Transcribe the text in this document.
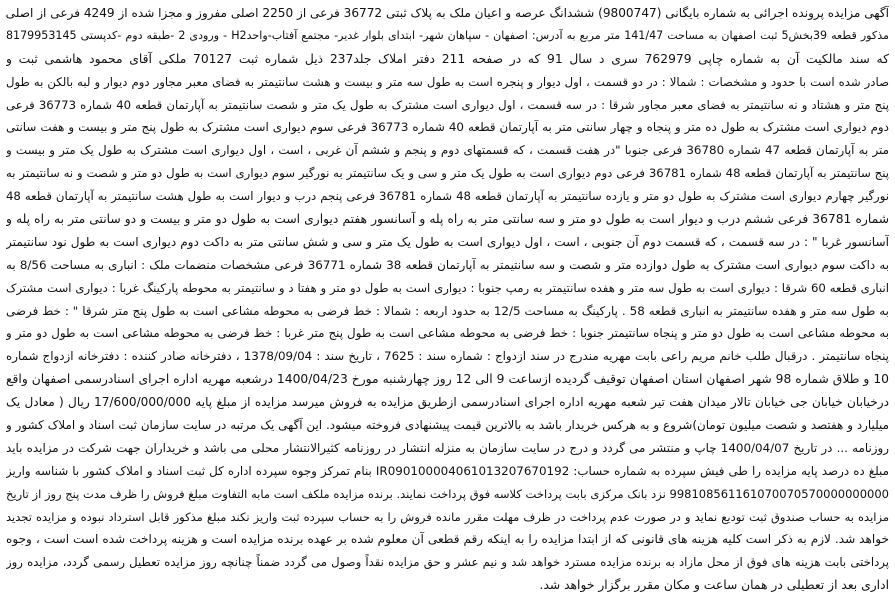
آگهی مزایده پرونده اجرائی به شماره بایگانی (9800747) ششدانگ عرصه و اعیان ملک به پلاک ثبتی 36772 فرعی از 2250 اصلی مفروز و مجزا شده از 4249 فرعی از اصلی
مذکور قطعه 39بخش5 ثبت اصفهان به مساحت 141/47 متر مربع به آدرس: اصفهان - سپاهان شهر- ابتدای بلوار غدیر- مجتمع آفتاب-واحدH2 - ورودی 2 -طبقه دوم -کدپستی 8179953145
که سند مالکیت آن به شماره چاپی 762979 سری د سال 91 که در صفحه 211 دفتر املاک جلد237 ذیل شماره ثبت 70127 ملکی آقای محمود هاشمی ثبت و
صادر شده است با حدود و مشخصات : شمالا : در دو قسمت ، اول دیوار و پنجره است به طول سه متر و بیست و هشت سانتیمتر به فضای معبر مجاور دوم دیوار و لبه بالکن به طول
پنج متر و هشتاد و نه سانتیمتر به فضای معبر مجاور شرقا : در سه قسمت ، اول دیواری است مشترک به طول یک متر و شصت سانتیمتر به آپارتمان قطعه 40 شماره 36773 فرعی
دوم دیواری است مشترک به طول ده متر و پنجاه و چهار سانتی متر به آپارتمان قطعه 40 شماره 36773 فرعی سوم دیواری است مشترک به طول پنج متر و بیست و هفت سانتی
متر به آپارتمان قطعه 47 شماره 36780 فرعی جنوبا "در هفت قسمت ، که قسمتهای دوم و پنجم و ششم آن غربی ، است ، اول دیواری است مشترک به طول یک متر و بیست و
پنج سانتیمتر به آپارتمان قطعه 48 شماره 36781 فرعی دوم دیواری است به طول یک متر و سی و یک سانتیمتر به نورگیر سوم دیواری است به طول دو متر و شصت و نه سانتیمتر به
نورگیر چهارم دیواری است مشترک به طول دو متر و یازده سانتیمتر به آپارتمان قطعه 48 شماره 36781 فرعی پنجم درب و دیوار است به طول هشت سانتیمتر به آپارتمان قطعه 48
شماره 36781 فرعی ششم درب و دیوار است به طول دو متر و سه سانتی متر به راه پله و آسانسور هفتم دیواری است به طول دو متر و بیست و دو سانتی متر به راه پله و
آسانسور غربا " : در سه قسمت ، که قسمت دوم آن جنوبی ، است ، اول دیواری است به طول یک متر و سی و شش سانتی متر به داکت دوم دیواری است به طول نود سانتیمتر
به داکت سوم دیواری است مشترک به طول دوازده متر و شصت و سه سانتیمتر به آپارتمان قطعه 38 شماره 36771 فرعی مشخصات منضمات ملک : انباری به مساحت 8/56 به
انباری قطعه 60 شرقا : دیواری است به طول سه متر و هفده سانتیمتر به رمپ جنوبا : دیواری است به طول دو متر و هفتا د و سانتیمتر به محوطه پارکینگ غربا : دیواری است مشترک
به طول سه متر و هفده سانتیمتر به انباری قطعه 58 . پارکینگ به مساحت 12/5 به حدود اربعه : شمالا : خط فرضی به محوطه مشاعی است به طول پنج متر شرقا " : خط فرضی
به محوطه مشاعی است به طول دو متر و پنجاه سانتیمتر جنوبا : خط فرضی به محوطه مشاعی است به طول پنج متر غربا : خط فرضی به محوطه مشاعی است به طول دو متر و
پنجاه سانتیمتر . درقبال طلب خانم مریم راعی بابت مهریه مندرج در سند ازدواج : شماره سند : 7625 ، تاریخ سند : 1378/09/04 ، دفترخانه صادر کننده : دفترخانه ازدواج شماره
10 و طلاق شماره 98 شهر اصفهان استان اصفهان توقیف گردیده ازساعت 9 الی 12 روز چهارشنبه مورخ 1400/04/23 درشعبه مهریه اداره اجرای اسنادرسمی اصفهان واقع
درخیابان خیابان جی خیابان تالار میدان هفت تیر شعبه مهریه اداره اجرای اسنادرسمی ازطریق مزایده به فروش میرسد مزایده از مبلغ پایه 17/600/000/000 ریال ( معادل یک
میلیارد و هفتصد و شصت میلیون تومان)شروع و به هرکس خریدار باشد به بالاترین قیمت پیشنهادی فروخته میشود. این آگهی یک مرتبه در سایت سازمان ثبت اسناد و املاک کشور و
روزنامه ... در تاریخ 1400/04/07 چاپ و منتشر می گردد و درج در سایت سازمان به منزله انتشار در روزنامه کثیرالانتشار محلی می باشد و خریداران جهت شرکت در مزایده باید
مبلغ ده درصد پایه مزایده را طی فیش سپرده به شماره حساب: IR090100004061013207670192 بنام تمرکز وجوه سپرده اداره کل ثبت اسناد و املاک کشور با شناسه واریز
998108561161070070570000000000 نزد بانک مرکزی بابت پرداخت کلاسه فوق پرداخت نمایند. برنده مزایده ملکف است مابه التفاوت مبلغ فروش را ظرف مدت پنج روز از تاریخ
مزایده به حساب صندوق ثبت تودیع نماید و در صورت عدم پرداخت در ظرف مهلت مقرر مانده فروش را به حساب سپرده ثبت واریز نکند مبلغ مذکور قابل استرداد نبوده و مزایده تجدید
خواهد شد. لازم به ذکر است کلیه هزینه های قانونی که از ابتدا مزایده را به اینکه رقم قطعی آن معلوم شده بر عهده برنده مزایده است و هزینه پرداخت شده است است ، وجوه
پرداختی بابت هزینه های فوق از محل مازاد به برنده مزایده مسترد خواهد شد و نیم عشر و حق مزایده نقداً وصول می گردد ضمناً چنانچه روز مزایده تعطیل رسمی گردد، مزایده روز
اداری بعد از تعطیلی در همان ساعت و مکان مقرر برگزار خواهد شد.
